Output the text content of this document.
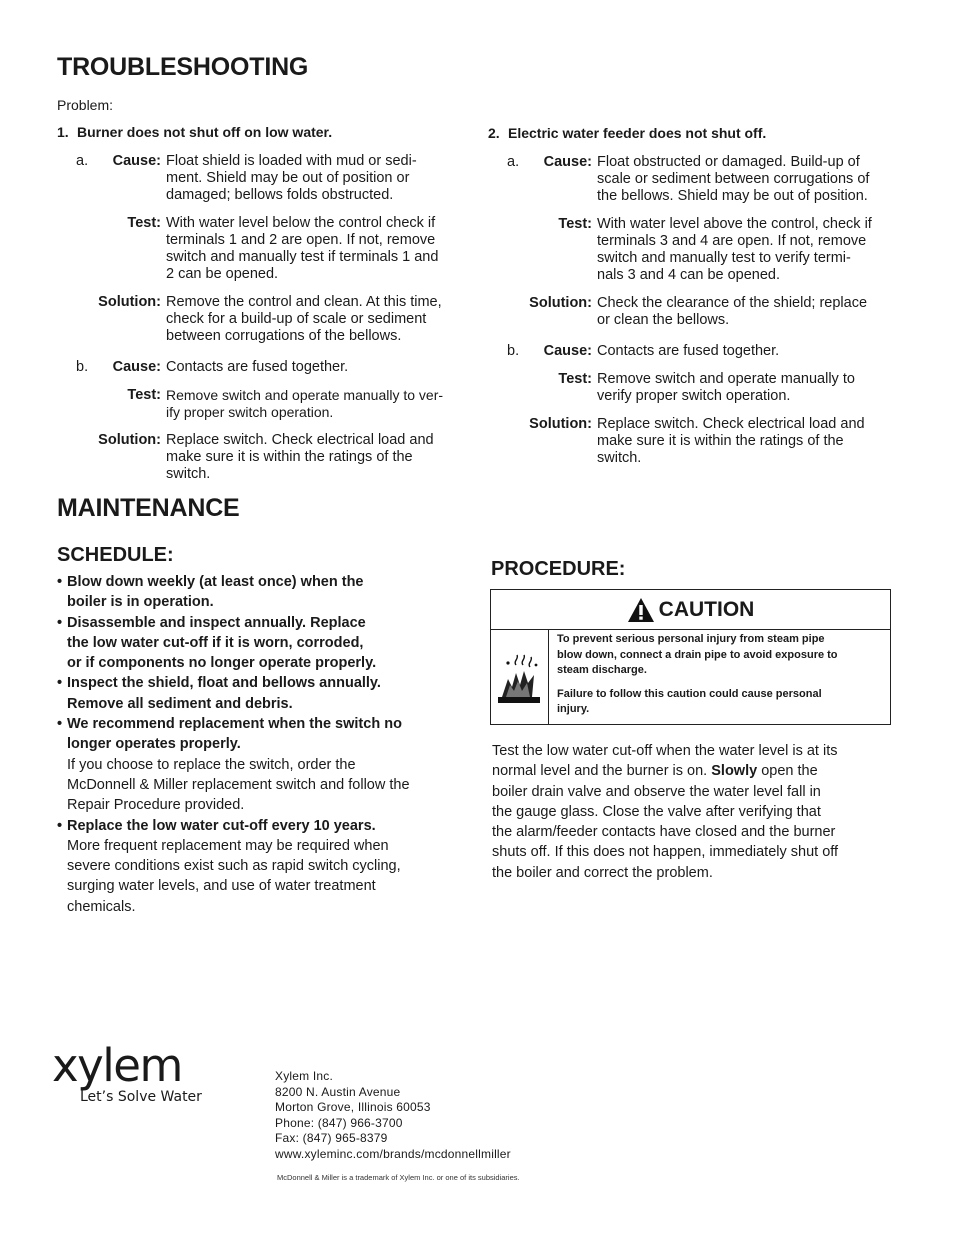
TROUBLESHOOTING
Problem:
1. Burner does not shut off on low water.
a.	Cause: Float shield is loaded with mud or sedi-
ment. Shield may be out of position or
damaged; bellows folds obstructed.
Test: With water level below the control check if
terminals 1 and 2 are open. If not, remove
switch and manually test if terminals 1 and
2 can be opened.
Solution: Remove the control and clean. At this time,
check for a build-up of scale or sediment
between corrugations of the bellows.
b.	Cause: Contacts are fused together.
Test: Remove switch and operate manually to ver-
ify proper switch operation.
Solution: Replace switch. Check electrical load and
make sure it is within the ratings of the
switch.
2. Electric water feeder does not shut off.
a.	Cause: Float obstructed or damaged. Build-up of
scale or sediment between corrugations of
the bellows. Shield may be out of position.
Test: With water level above the control, check if
terminals 3 and 4 are open. If not, remove
switch and manually test to verify termi-
nals 3 and 4 can be opened.
Solution: Check the clearance of the shield; replace
or clean the bellows.
b.	Cause: Contacts are fused together.
Test: Remove switch and operate manually to
verify proper switch operation.
Solution: Replace switch. Check electrical load and
make sure it is within the ratings of the
switch.
MAINTENANCE
SCHEDULE:
• Blow down weekly (at least once) when the
boiler is in operation.
• Disassemble and inspect annually. Replace
the low water cut-off if it is worn, corroded,
or if components no longer operate properly.
• Inspect the shield, float and bellows annually.
Remove all sediment and debris.
• We recommend replacement when the switch no
longer operates properly.
If you choose to replace the switch, order the
McDonnell & Miller replacement switch and follow the
Repair Procedure provided.
• Replace the low water cut-off every 10 years.
More frequent replacement may be required when
severe conditions exist such as rapid switch cycling,
surging water levels, and use of water treatment
chemicals.
PROCEDURE:
CAUTION

To prevent serious personal injury from steam pipe
blow down, connect a drain pipe to avoid exposure to
steam discharge.

Failure to follow this caution could cause personal
injury.

Test the low water cut-off when the water level is at its
normal level and the burner is on. Slowly open the
boiler drain valve and observe the water level fall in
the gauge glass. Close the valve after verifying that
the alarm/feeder contacts have closed and the burner
shuts off. If this does not happen, immediately shut off
the boiler and correct the problem.
xylem
Let’s Solve Water
Xylem Inc.
8200 N. Austin Avenue
Morton Grove, Illinois 60053
Phone: (847) 966-3700
Fax: (847) 965-8379
www.xyleminc.com/brands/mcdonnellmiller
McDonnell & Miller is a trademark of Xylem Inc. or one of its subsidiaries.
